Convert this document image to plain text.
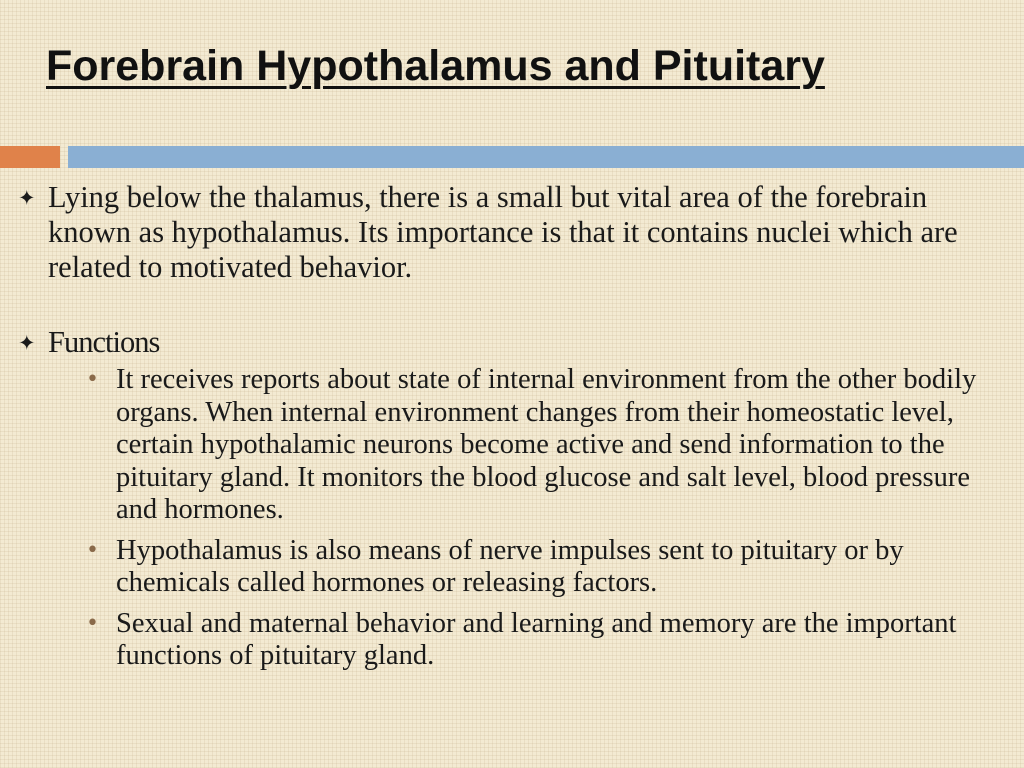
Forebrain Hypothalamus and Pituitary
✦ Lying below the thalamus, there is a small but vital area of the forebrain known as hypothalamus. Its importance is that it contains nuclei which are related to motivated behavior.
✦ Functions
• It receives reports about state of internal environment from the other bodily organs. When internal environment changes from their homeostatic level, certain hypothalamic neurons become active and send information to the pituitary gland. It monitors the blood glucose and salt level, blood pressure and hormones.
• Hypothalamus is also means of nerve impulses sent to pituitary or by chemicals called hormones or releasing factors.
• Sexual and maternal behavior and learning and memory are the important functions of pituitary gland.
